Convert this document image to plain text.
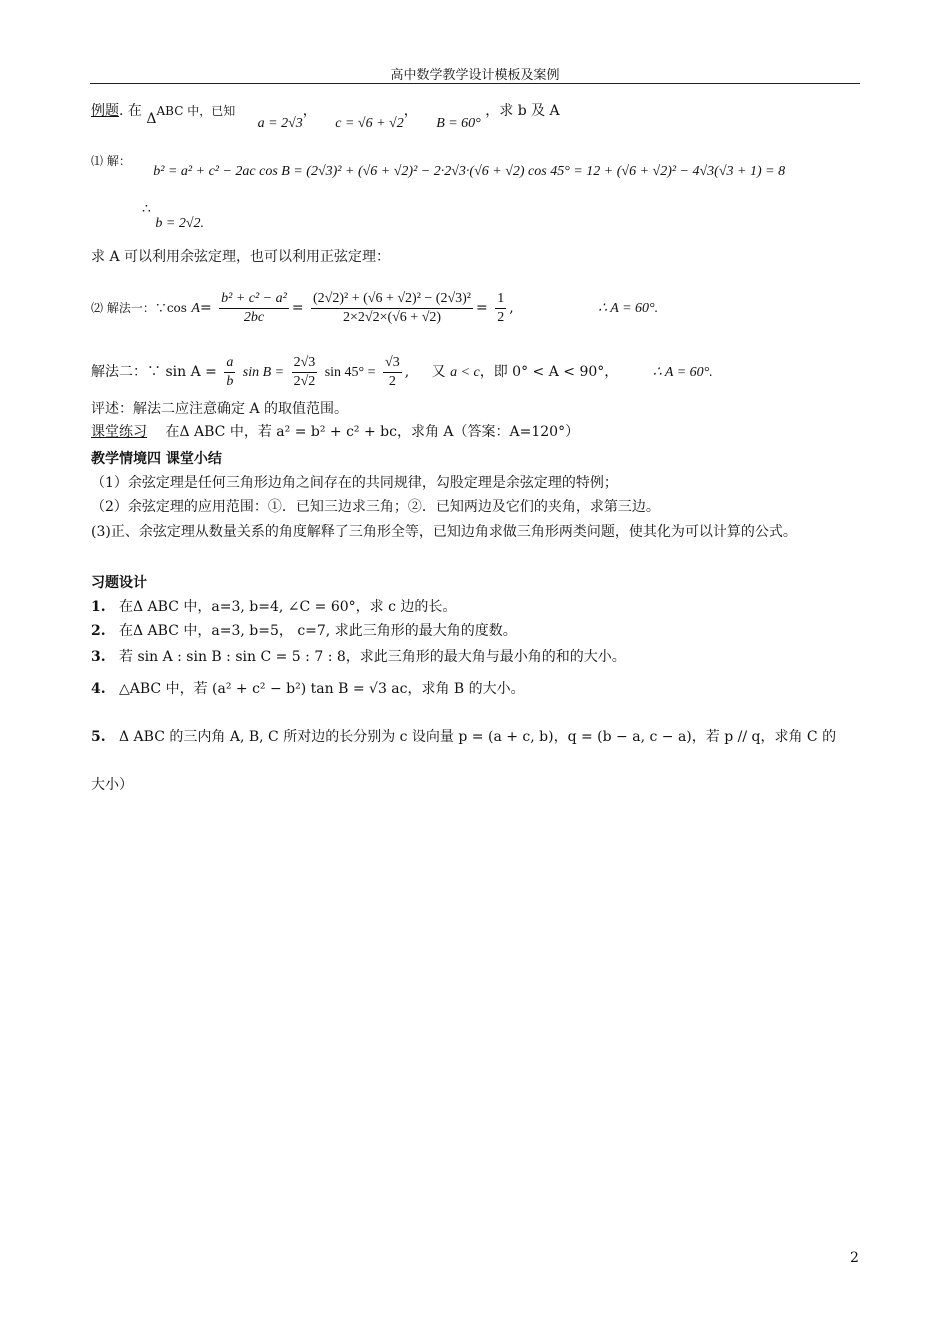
高中数学教学设计模板及案例
例题. 在 ΔABC 中，已知 a = 2√3， c = √6 + √2， B = 60° ，求 b 及 A
⑴ 解： b² = a² + c² − 2ac cos B = (2√3)² + (√6 + √2)² − 2·2√3·(√6 + √2) cos 45° = 12 + (√6 + √2)² − 4√3(√3 + 1) = 8
∴ b = 2√2.
求 A 可以利用余弦定理，也可以利用正弦定理：
⑵ 解法一：∵cos $A= \frac{\text{b² + c² − a²}}{2bc} = \frac{\text{(2√2)² + (√6 + √2)² − (2√3)²}}{2\times 2√2\times(√6 + √2)} = \frac{1}{2}$ ,	∴ A = 60°.
解法二：∵ $\sin A = \frac{a}{b}$ $\sin B = \frac{2√3}{2√2}$ $\sin 45^\circ = \frac{√3}{2}$ , 又 a < c，即 0° < A < 90°， ∴ A = 60°.
评述：解法二应注意确定 A 的取值范围。
课堂练习 在Δ ABC 中，若 a² = b² + c² + bc，求角 A（答案：A=120°）
教学情境四 课堂小结
（1）余弦定理是任何三角形边角之间存在的共同规律，勾股定理是余弦定理的特例；
（2）余弦定理的应用范围：①．已知三边求三角；②．已知两边及它们的夹角，求第三边。
(3)正、余弦定理从数量关系的角度解释了三角形全等，已知边角求做三角形两类问题，使其化为可以计算的公式。
习题设计
1. 在Δ ABC 中，a=3, b=4, ∠C = 60°，求 c 边的长。
2. 在Δ ABC 中，a=3, b=5， c=7, 求此三角形的最大角的度数。
3. 若 sin A : sin B : sin C = 5 : 7 : 8，求此三角形的最大角与最小角的和的大小。
4. △ABC 中，若 (a² + c² − b²) tan B = √3 ac，求角 B 的大小。
5. Δ ABC 的三内角 A, B, C 所对边的长分别为 c 设向量 p = (a + c, b)，q = (b − a, c − a)，若 p // q，求角 C 的
大小）
2
